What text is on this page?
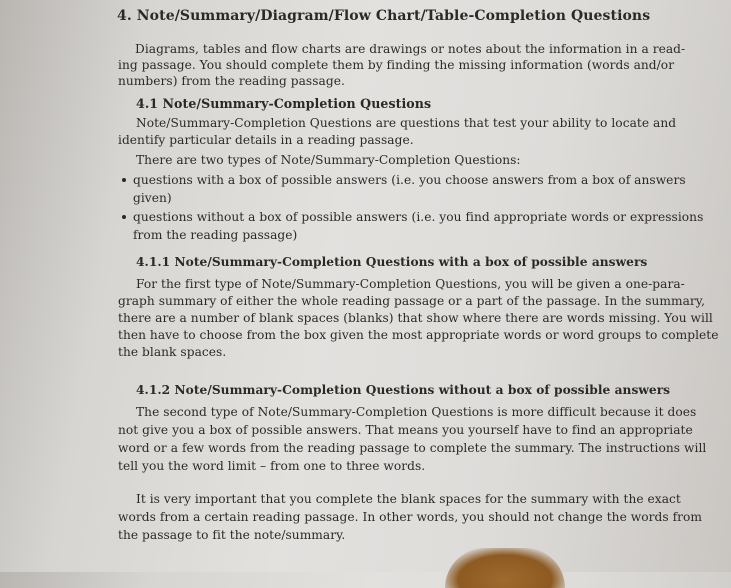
4. Note/Summary/Diagram/Flow Chart/Table-Completion Questions
Diagrams, tables and flow charts are drawings or notes about the information in a read-
ing passage. You should complete them by finding the missing information (words and/or
numbers) from the reading passage.
4.1 Note/Summary-Completion Questions
Note/Summary-Completion Questions are questions that test your ability to locate and
identify particular details in a reading passage.
There are two types of Note/Summary-Completion Questions:
questions with a box of possible answers (i.e. you choose answers from a box of answers
given)
questions without a box of possible answers (i.e. you find appropriate words or expressions
from the reading passage)
4.1.1 Note/Summary-Completion Questions with a box of possible answers
For the first type of Note/Summary-Completion Questions, you will be given a one-para-
graph summary of either the whole reading passage or a part of the passage. In the summary,
there are a number of blank spaces (blanks) that show where there are words missing. You will
then have to choose from the box given the most appropriate words or word groups to complete
the blank spaces.
4.1.2 Note/Summary-Completion Questions without a box of possible answers
The second type of Note/Summary-Completion Questions is more difficult because it does
not give you a box of possible answers. That means you yourself have to find an appropriate
word or a few words from the reading passage to complete the summary. The instructions will
tell you the word limit – from one to three words.
It is very important that you complete the blank spaces for the summary with the exact
words from a certain reading passage. In other words, you should not change the words from
the passage to fit the note/summary.
